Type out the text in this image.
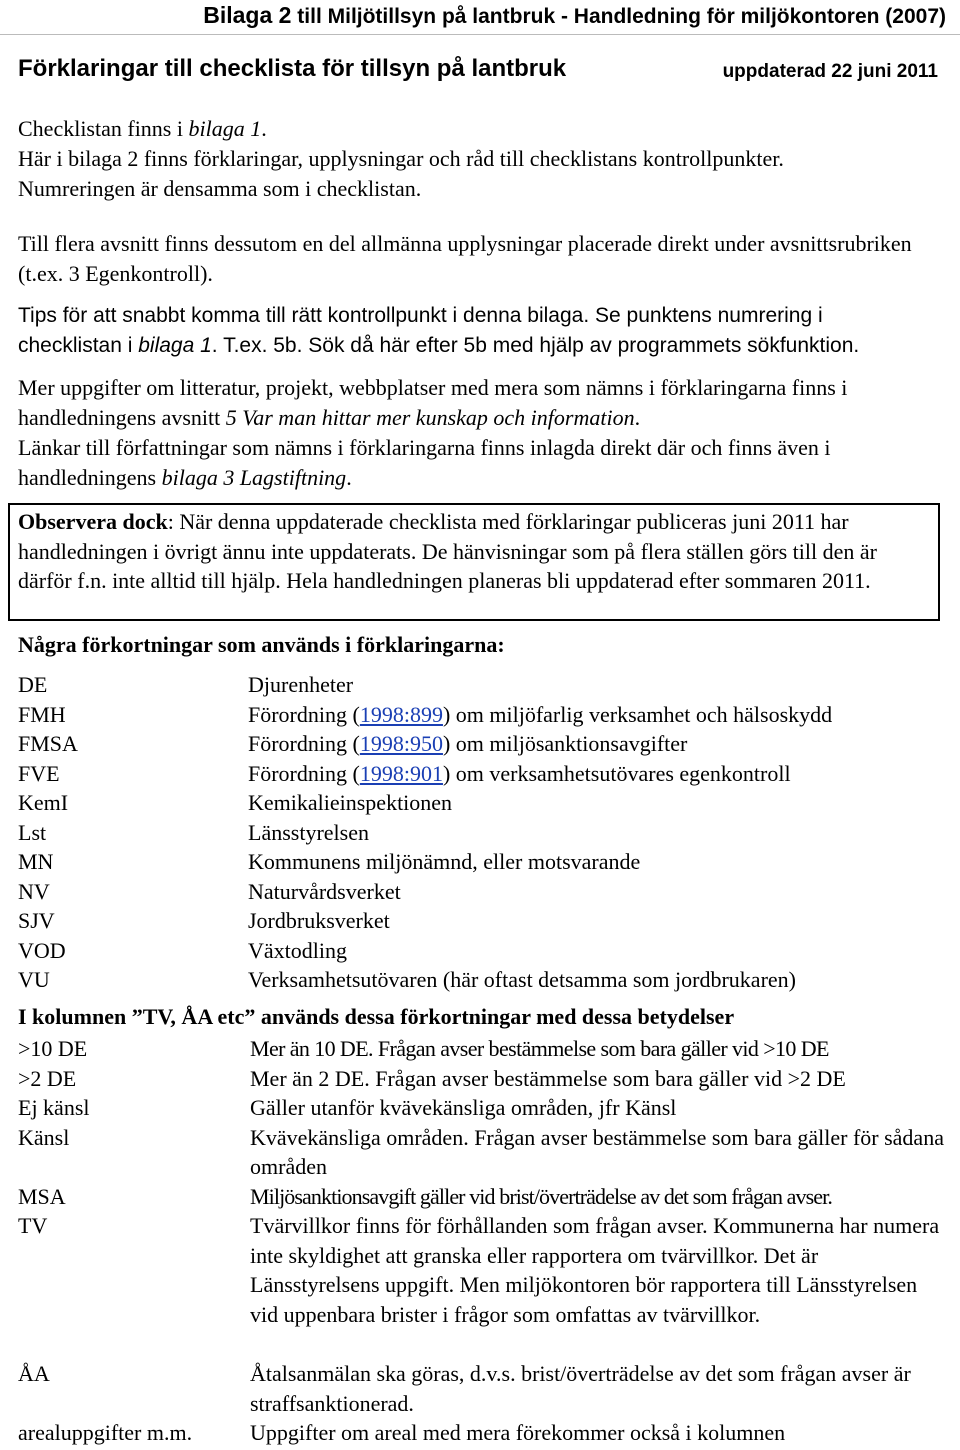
Bilaga 2 till Miljötillsyn på lantbruk - Handledning för miljökontoren (2007)
Förklaringar till checklista för tillsyn på lantbruk	uppdaterad 22 juni 2011

Checklistan finns i bilaga 1.

Här i bilaga 2 finns förklaringar, upplysningar och råd till checklistans kontrollpunkter.

Numreringen är densamma som i checklistan.

Till flera avsnitt finns dessutom en del allmänna upplysningar placerade direkt under avsnittsrubriken (t.ex. 3 Egenkontroll).
Tips för att snabbt komma till rätt kontrollpunkt i denna bilaga. Se punktens numrering i checklistan i bilaga 1. T.ex. 5b. Sök då här efter 5b med hjälp av programmets sökfunktion.

Mer uppgifter om litteratur, projekt, webbplatser med mera som nämns i förklaringarna finns i handledningens avsnitt 5 Var man hittar mer kunskap och information.

Länkar till författningar som nämns i förklaringarna finns inlagda direkt där och finns även i handledningens bilaga 3 Lagstiftning.

Observera dock: När denna uppdaterade checklista med förklaringar publiceras juni 2011 har handledningen i övrigt ännu inte uppdaterats. De hänvisningar som på flera ställen görs till den är därför f.n. inte alltid till hjälp. Hela handledningen planeras bli uppdaterad efter sommaren 2011.
Några förkortningar som används i förklaringarna:
DE	Djurenheter
FMH	Förordning (1998:899) om miljöfarlig verksamhet och hälsoskydd
FMSA	Förordning (1998:950) om miljösanktionsavgifter
FVE	Förordning (1998:901) om verksamhetsutövares egenkontroll
KemI	Kemikalieinspektionen
Lst	Länsstyrelsen
MN	Kommunens miljönämnd, eller motsvarande
NV	Naturvårdsverket
SJV	Jordbruksverket
VOD	Växtodling
VU	Verksamhetsutövaren (här oftast detsamma som jordbrukaren)
I kolumnen ”TV, ÅA etc” används dessa förkortningar med dessa betydelser
>10 DE	Mer än 10 DE. Frågan avser bestämmelse som bara gäller vid >10 DE
>2 DE	Mer än 2 DE. Frågan avser bestämmelse som bara gäller vid >2 DE
Ej känsl	Gäller utanför kvävekänsliga områden, jfr Känsl
Känsl	Kvävekänsliga områden. Frågan avser bestämmelse som bara gäller för sådana områden
MSA	Miljösanktionsavgift gäller vid brist/överträdelse av det som frågan avser.
TV	Tvärvillkor finns för förhållanden som frågan avser. Kommunerna har numera inte skyldighet att granska eller rapportera om tvärvillkor. Det är Länsstyrelsens uppgift. Men miljökontoren bör rapportera till Länsstyrelsen vid uppenbara brister i frågor som omfattas av tvärvillkor.
ÅA	Åtalsanmälan ska göras, d.v.s. brist/överträdelse av det som frågan avser är straffsanktionerad.
arealuppgifter m.m.	Uppgifter om areal med mera förekommer också i kolumnen
